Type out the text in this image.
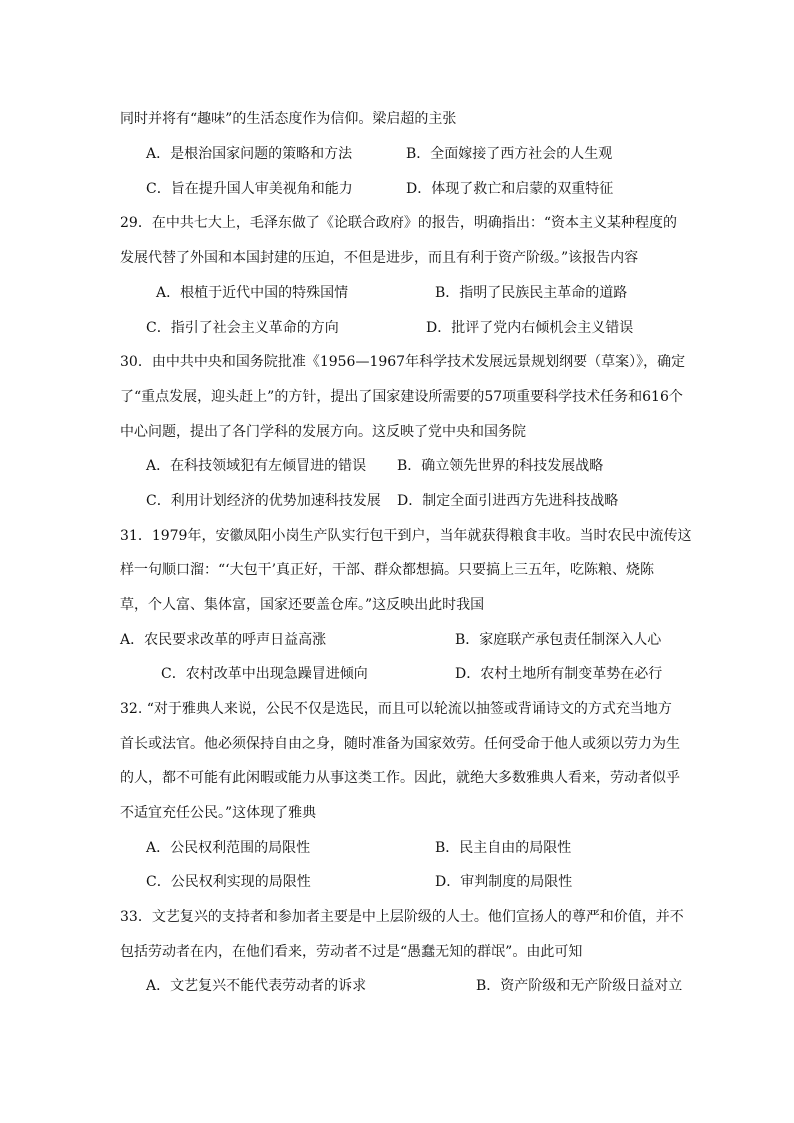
同时并将有“趣味”的生活态度作为信仰。梁启超的主张
A．是根治国家问题的策略和方法	B．全面嫁接了西方社会的人生观
C．旨在提升国人审美视角和能力	D．体现了救亡和启蒙的双重特征
29．在中共七大上，毛泽东做了《论联合政府》的报告，明确指出：“资本主义某种程度的
发展代替了外国和本国封建的压迫，不但是进步，而且有利于资产阶级。”该报告内容
A．根植于近代中国的特殊国情	B．指明了民族民主革命的道路
C．指引了社会主义革命的方向	D．批评了党内右倾机会主义错误
30．由中共中央和国务院批准《1956—1967年科学技术发展远景规划纲要（草案）》，确定
了“重点发展，迎头赶上”的方针，提出了国家建设所需要的57项重要科学技术任务和616个
中心问题，提出了各门学科的发展方向。这反映了党中央和国务院
A．在科技领域犯有左倾冒进的错误 B．确立领先世界的科技发展战略
C．利用计划经济的优势加速科技发展 D．制定全面引进西方先进科技战略
31．1979年，安徽凤阳小岗生产队实行包干到户，当年就获得粮食丰收。当时农民中流传这
样一句顺口溜：“‘大包干’真正好，干部、群众都想搞。只要搞上三五年，吃陈粮、烧陈
草，个人富、集体富，国家还要盖仓库。”这反映出此时我国
A．农民要求改革的呼声日益高涨	B．家庭联产承包责任制深入人心
C．农村改革中出现急躁冒进倾向	D．农村土地所有制变革势在必行
32. “对于雅典人来说，公民不仅是选民，而且可以轮流以抽签或背诵诗文的方式充当地方
首长或法官。他必须保持自由之身，随时准备为国家效劳。任何受命于他人或须以劳力为生
的人，都不可能有此闲暇或能力从事这类工作。因此，就绝大多数雅典人看来，劳动者似乎
不适宜充任公民。”这体现了雅典
A．公民权利范围的局限性	B．民主自由的局限性
C．公民权利实现的局限性	D．审判制度的局限性
33．文艺复兴的支持者和参加者主要是中上层阶级的人士。他们宣扬人的尊严和价值，并不
包括劳动者在内，在他们看来，劳动者不过是“愚蠢无知的群氓”。由此可知
A．文艺复兴不能代表劳动者的诉求	B．资产阶级和无产阶级日益对立
